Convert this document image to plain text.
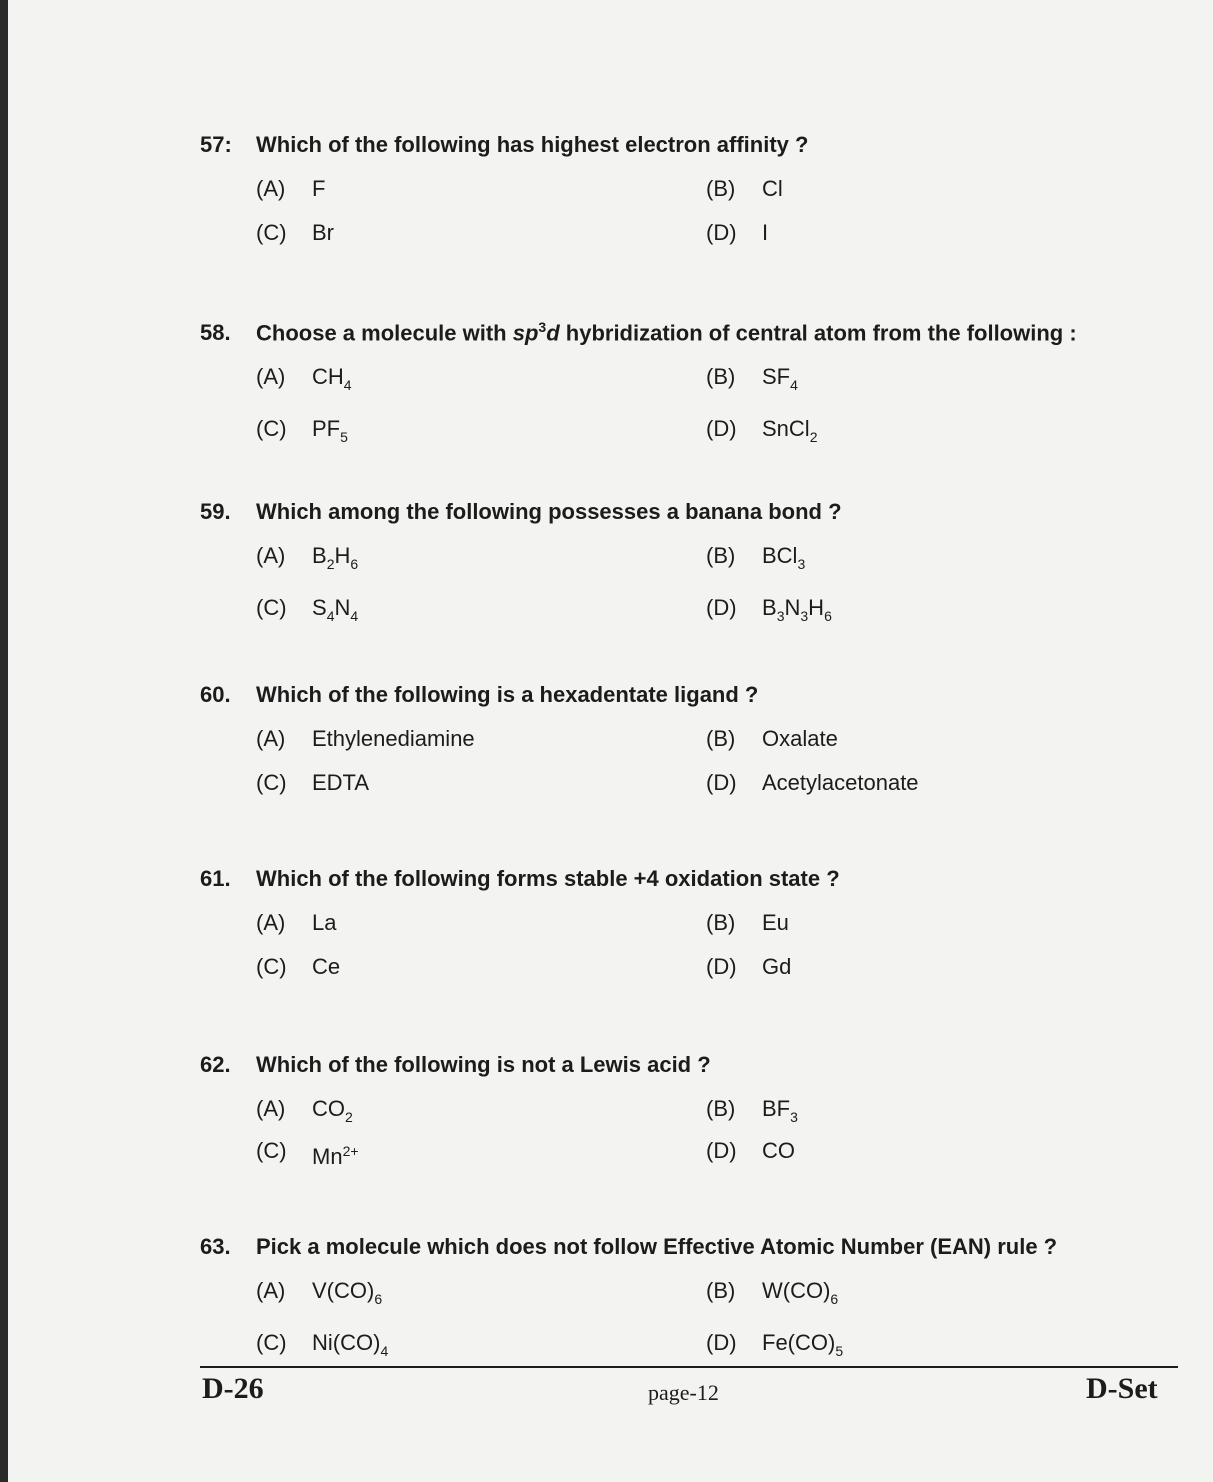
57:	Which of the following has highest electron affinity ?
(A)	F	(B)	Cl
(C)	Br	(D)	I
58.	Choose a molecule with $sp^3d$ hybridization of central atom from the following :
(A)	$CH_4$	(B)	$SF_4$
(C)	$PF_5$	(D)	SnCl$_2$
59.	Which among the following possesses a banana bond ?
(A)	$B_2H_6$	(B)	BCl$_3$
(C)	$S_4N_4$	(D)	$B_3N_3H_6$
60.	Which of the following is a hexadentate ligand ?
(A)	Ethylenediamine	(B)	Oxalate
(C)	EDTA	(D)	Acetylacetonate
61.	Which of the following forms stable +4 oxidation state ?
(A)	La	(B)	Eu
(C)	Ce	(D)	Gd
62.	Which of the following is not a Lewis acid ?
(A)	$CO_2$	(B)	$BF_3$
(C)	$Mn^{2+}$	(D)	CO
63.	Pick a molecule which does not follow Effective Atomic Number (EAN) rule ?
(A)	$V(CO)_6$	(B)	$W(CO)_6$
(C)	$Ni(CO)_4$	(D)	$Fe(CO)_5$
D-26	page-12	D-Set
